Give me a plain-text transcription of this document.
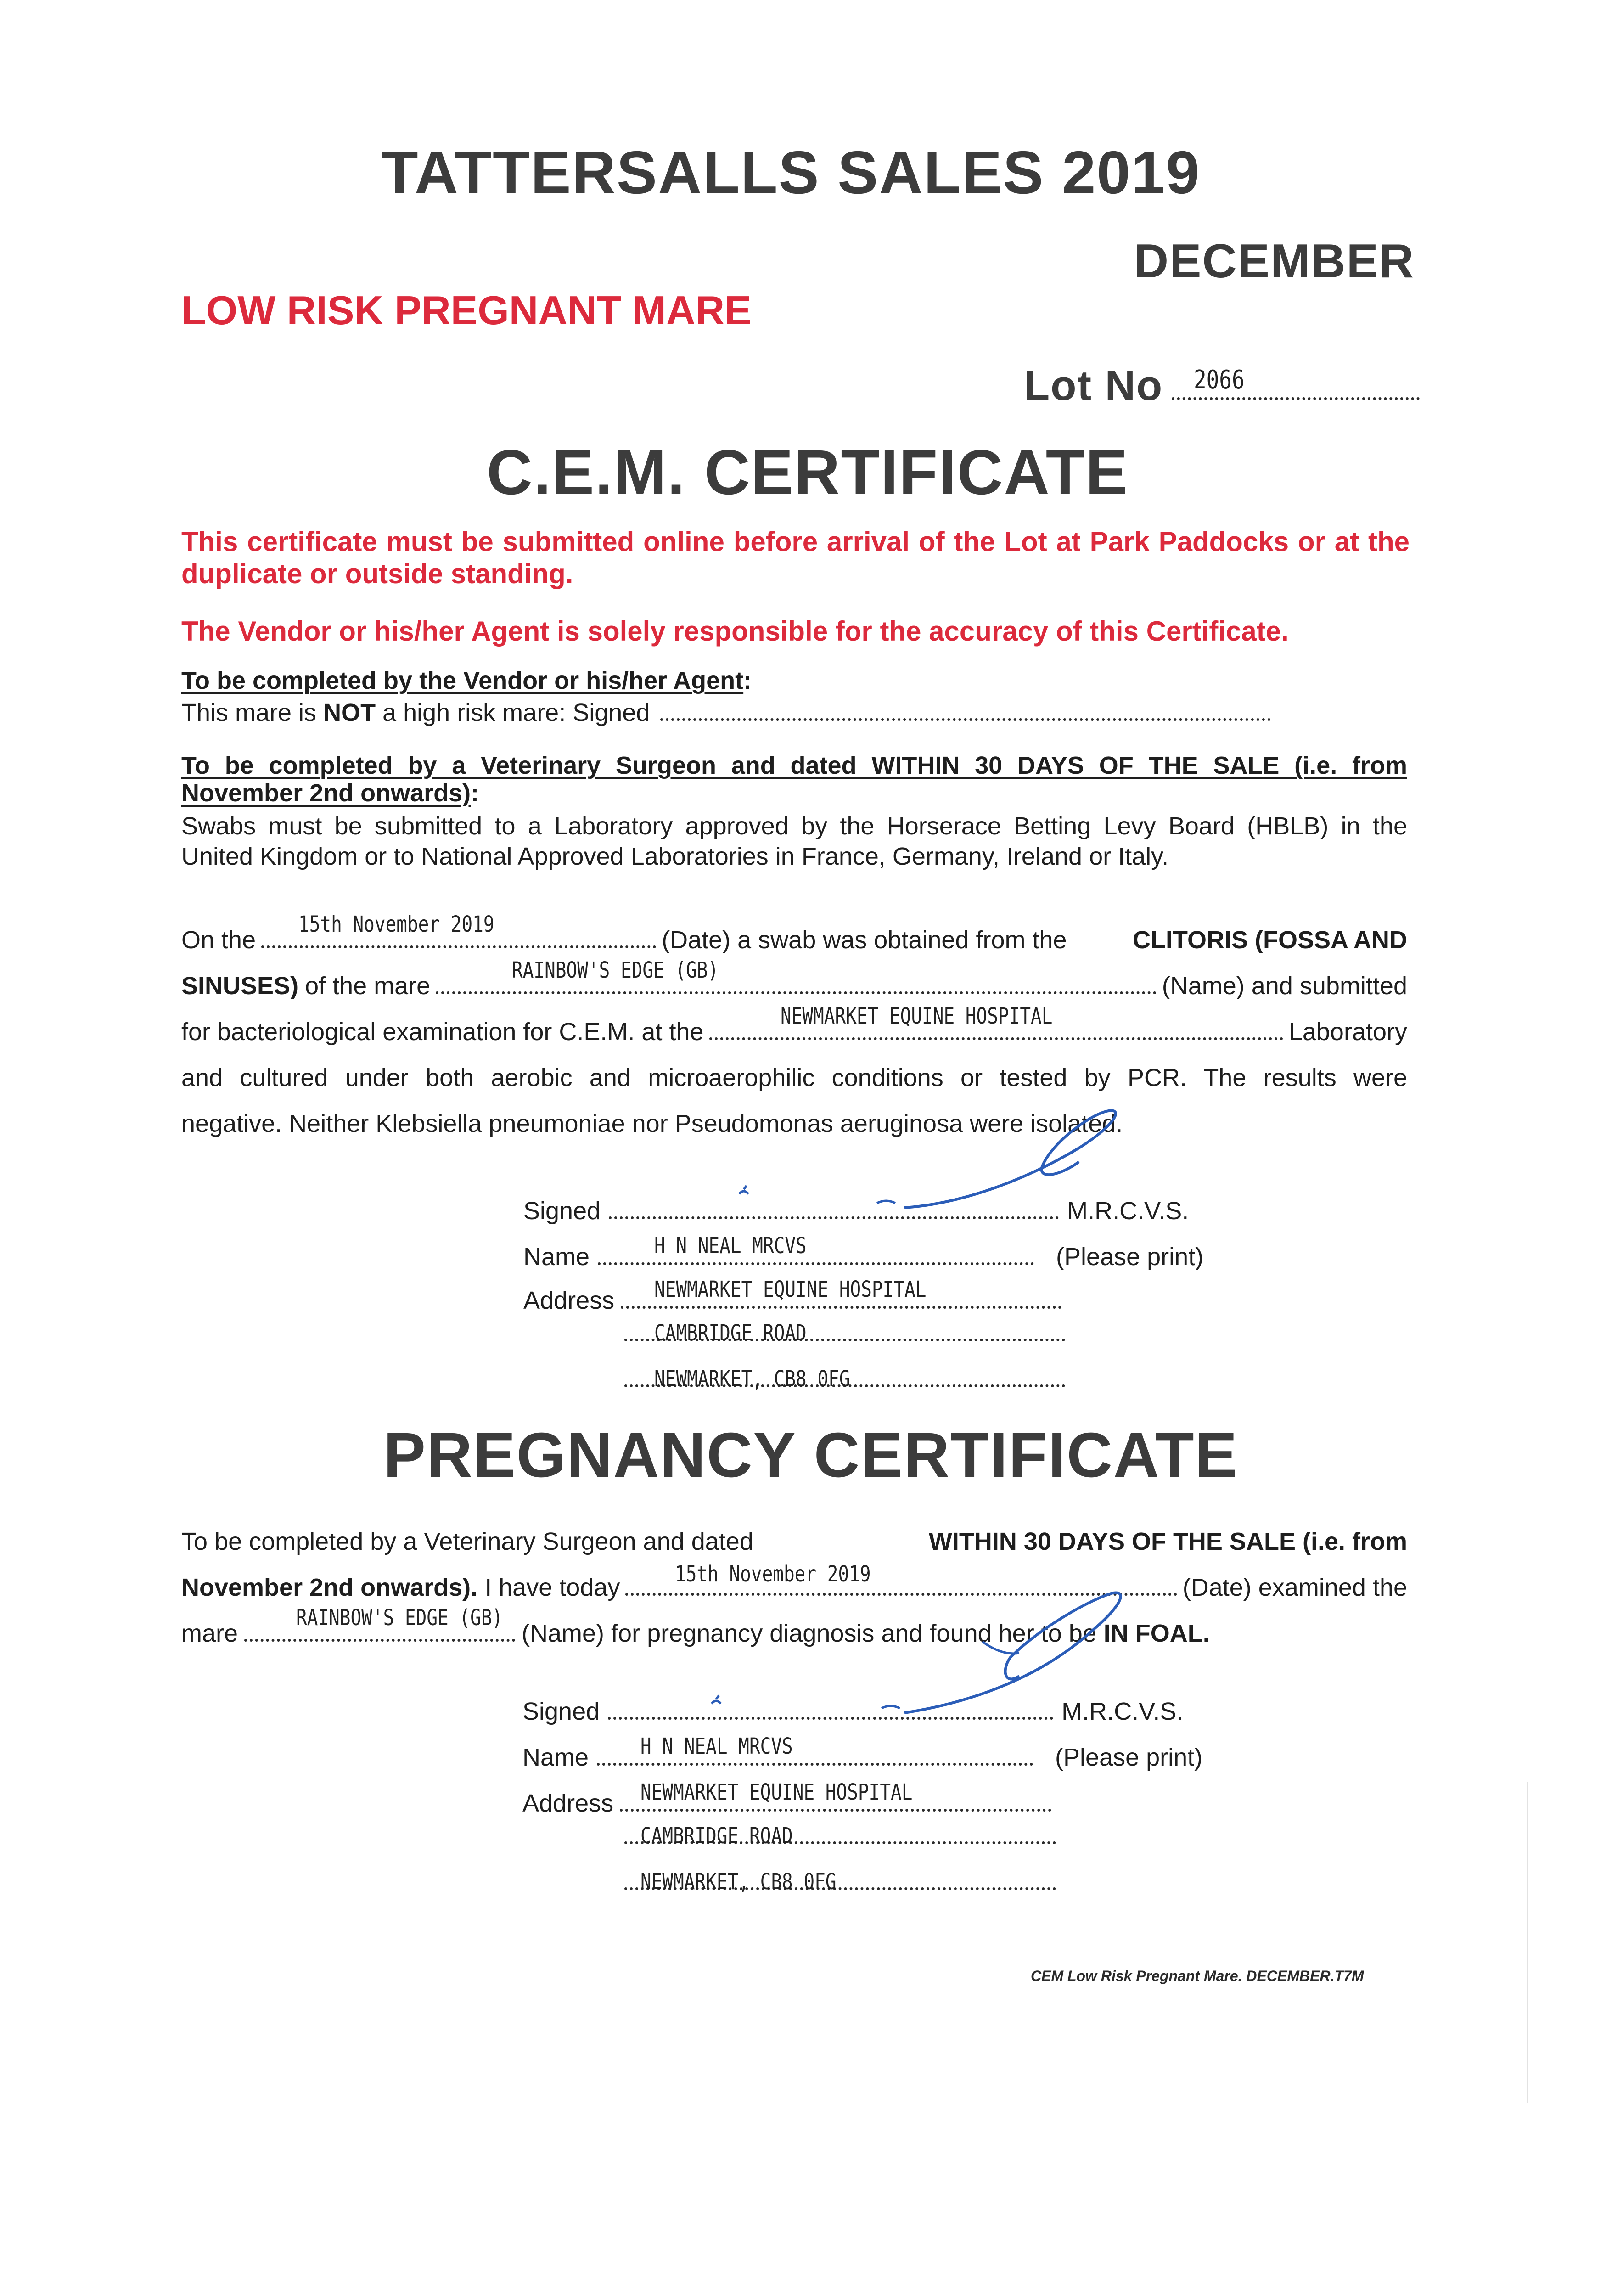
TATTERSALLS SALES 2019
DECEMBER
LOW RISK PREGNANT MARE
Lot No	2066
C.E.M. CERTIFICATE
This certificate must be submitted online before arrival of the Lot at Park Paddocks or at the duplicate or outside standing.
The Vendor or his/her Agent is solely responsible for the accuracy of this Certificate.
To be completed by the Vendor or his/her Agent:
This mare is NOT a high risk mare: Signed
To be completed by a Veterinary Surgeon and dated WITHIN 30 DAYS OF THE SALE (i.e. from
November 2nd onwards):
Swabs must be submitted to a Laboratory approved by the Horserace Betting Levy Board (HBLB) in the
United Kingdom or to National Approved Laboratories in France, Germany, Ireland or Italy.
On the	(Date) a swab was obtained from the	CLITORIS (FOSSA AND
15th November 2019
SINUSES) of the mare	(Name) and submitted
RAINBOW'S EDGE (GB)
for bacteriological examination for C.E.M. at the	Laboratory
NEWMARKET EQUINE HOSPITAL
and cultured under both aerobic and microaerophilic conditions or tested by PCR. The results were
negative. Neither Klebsiella pneumoniae nor Pseudomonas aeruginosa were isolated.
Signed	M.R.C.V.S.
Name	(Please print)
H N NEAL MRCVS
Address NEWMARKET EQUINE HOSPITAL
CAMBRIDGE ROAD
NEWMARKET, CB8 0FG
PREGNANCY CERTIFICATE
To be completed by a Veterinary Surgeon and dated	WITHIN 30 DAYS OF THE SALE (i.e. from
November 2nd onwards). I have today	(Date) examined the
15th November 2019
mare	(Name) for pregnancy diagnosis and found her to be IN FOAL.
RAINBOW'S EDGE (GB)
Signed	M.R.C.V.S.
Name	(Please print)
H N NEAL MRCVS
Address NEWMARKET EQUINE HOSPITAL
CAMBRIDGE ROAD
NEWMARKET, CB8 0FG
CEM Low Risk Pregnant Mare. DECEMBER.T7M
